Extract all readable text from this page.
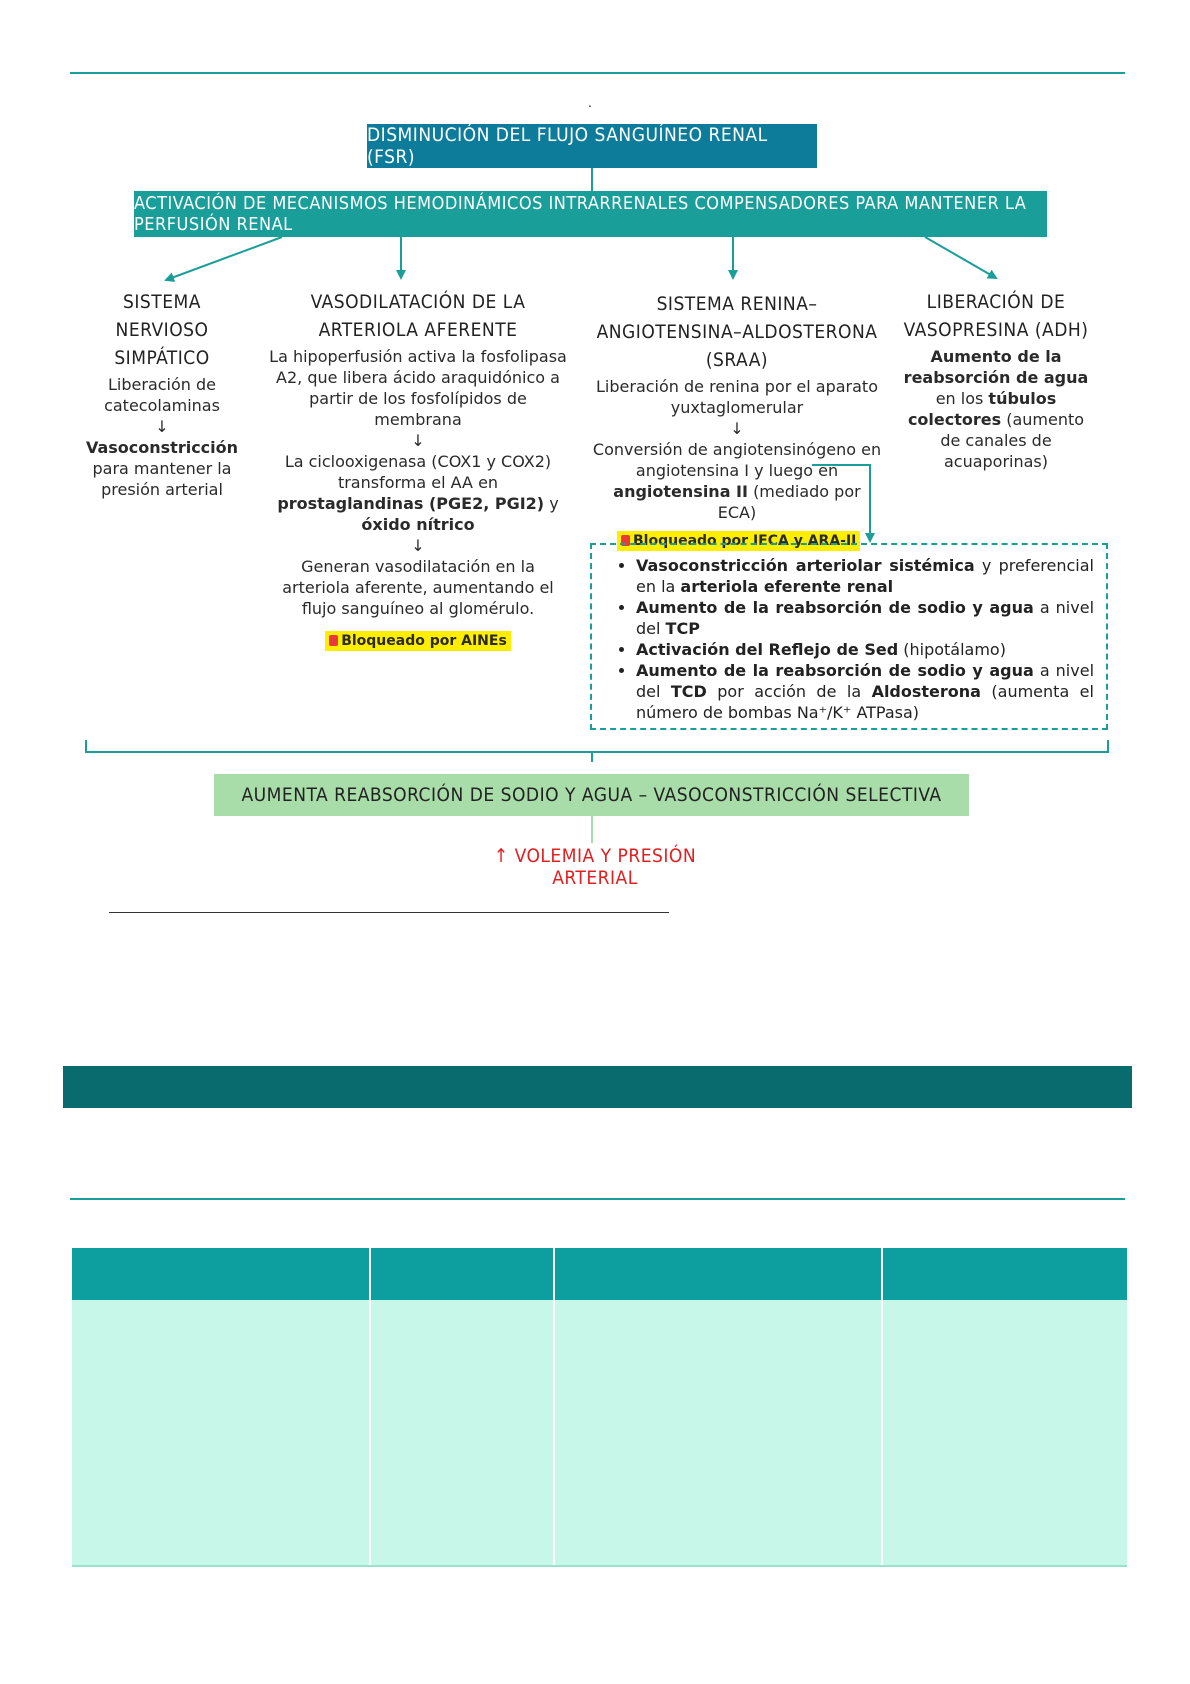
.
DISMINUCIÓN DEL FLUJO SANGUÍNEO RENAL (FSR)
ACTIVACIÓN DE MECANISMOS HEMODINÁMICOS INTRARRENALES COMPENSADORES PARA MANTENER LA PERFUSIÓN RENAL
SISTEMA NERVIOSO SIMPÁTICO
Liberación de catecolaminas
↓
Vasoconstricción
para mantener la presión arterial
VASODILATACIÓN DE LA ARTERIOLA AFERENTE
La hipoperfusión activa la fosfolipasa A2, que libera ácido araquidónico a partir de los fosfolípidos de membrana
↓
La ciclooxigenasa (COX1 y COX2) transforma el AA en prostaglandinas (PGE2, PGI2) y óxido nítrico
↓
Generan vasodilatación en la arteriola aferente, aumentando el flujo sanguíneo al glomérulo.
Bloqueado por AINEs
SISTEMA RENINA–ANGIOTENSINA–ALDOSTERONA (SRAA)
Liberación de renina por el aparato yuxtaglomerular
↓
Conversión de angiotensinógeno en angiotensina I y luego en angiotensina II (mediado por ECA)
Bloqueado por IECA y ARA-II
LIBERACIÓN DE VASOPRESINA (ADH)
Aumento de la reabsorción de agua en los túbulos colectores (aumento de canales de acuaporinas)
• Vasoconstricción arteriolar sistémica y preferencial en la arteriola eferente renal
• Aumento de la reabsorción de sodio y agua a nivel del TCP
• Activación del Reflejo de Sed (hipotálamo)
• Aumento de la reabsorción de sodio y agua a nivel del TCD por acción de la Aldosterona (aumenta el número de bombas Na⁺/K⁺ ATPasa)
AUMENTA REABSORCIÓN DE SODIO Y AGUA – VASOCONSTRICCIÓN SELECTIVA
↑ VOLEMIA Y PRESIÓN ARTERIAL
